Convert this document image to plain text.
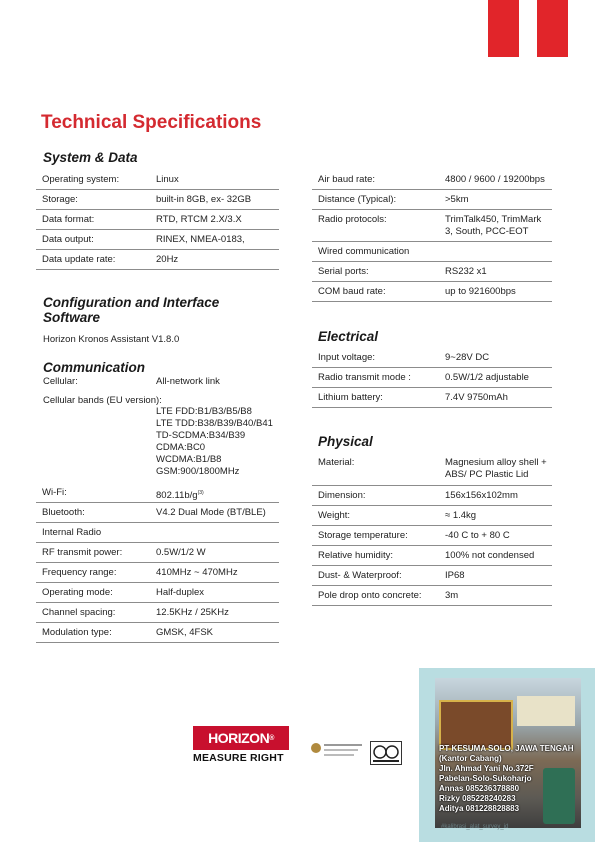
Technical Specifications
System & Data
Operating system:	Linux
Storage:	built-in 8GB, ex- 32GB
Data format:	RTD, RTCM 2.X/3.X
Data output:	RINEX, NMEA-0183,
Data update rate:	20Hz
Configuration and Interface
Software
Horizon Kronos Assistant V1.8.0
Communication
Cellular:	All-network link
Cellular bands (EU version):
LTE FDD:B1/B3/B5/B8
LTE TDD:B38/B39/B40/B41
TD-SCDMA:B34/B39
CDMA:BC0
WCDMA:B1/B8
GSM:900/1800MHz
Wi-Fi:	$802.11b/g^{(3)}$
Bluetooth:	V4.2 Dual Mode (BT/BLE)
Internal Radio
RF transmit power:	0.5W/1/2 W
Frequency range:	410MHz ~ 470MHz
Operating mode:	Half-duplex
Channel spacing:	12.5KHz / 25KHz
Modulation type:	GMSK, 4FSK
Air baud rate:	4800 / 9600 / 19200bps
Distance (Typical):	>5km
Radio protocols:	TrimTalk450, TrimMark
3, South, PCC-EOT
Wired communication
Serial ports:	RS232 x1
COM baud rate:	up to 921600bps
Electrical
Input voltage:	9~28V DC
Radio transmit mode :	0.5W/1/2 adjustable
Lithium battery:	7.4V 9750mAh
Physical
Material:	Magnesium alloy shell +
ABS/ PC Plastic Lid
Dimension:	156x156x102mm
Weight:	≈ 1.4kg
Storage temperature:	-40 C to + 80 C
Relative humidity:	100% not condensed
Dust- & Waterproof:	IP68
Pole drop onto concrete: 3m
HORIZON ®
MEASURE RIGHT
PT KESUMA SOLO, JAWA TENGAH
(Kantor Cabang)
Jln. Ahmad Yani No.372F
Pabelan-Solo-Sukoharjo
Annas 085236378880
Rizky 085228240283
Aditya 081228828883
#kalibrasi_alat_survey_id
